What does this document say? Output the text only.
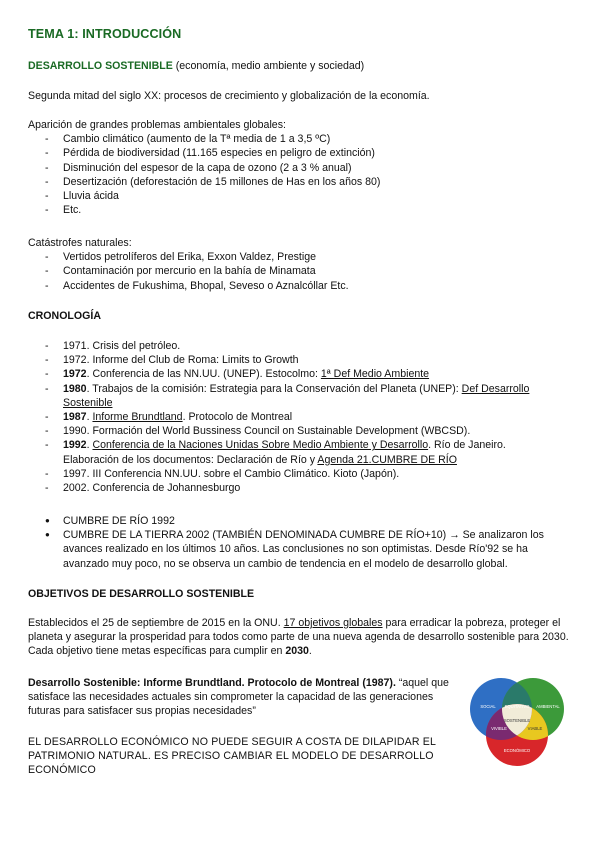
TEMA 1: INTRODUCCIÓN

DESARROLLO SOSTENIBLE (economía, medio ambiente y sociedad)

Segunda mitad del siglo XX: procesos de crecimiento y globalización de la economía.

Aparición de grandes problemas ambientales globales:

- Cambio climático (aumento de la Tª media de 1 a 3,5 ºC)
- Pérdida de biodiversidad (11.165 especies en peligro de extinción)
- Disminución del espesor de la capa de ozono (2 a 3 % anual)
- Desertización (deforestación de 15 millones de Has en los años 80)
- Lluvia ácida
- Etc.

Catástrofes naturales:

- Vertidos petrolíferos del Erika, Exxon Valdez, Prestige
- Contaminación por mercurio en la bahía de Minamata
- Accidentes de Fukushima, Bhopal, Seveso o Aznalcóllar Etc.

CRONOLOGÍA

- 1971. Crisis del petróleo.
- 1972. Informe del Club de Roma: Limits to Growth
- 1972. Conferencia de las NN.UU. (UNEP). Estocolmo: 1ª Def Medio Ambiente
- 1980. Trabajos de la comisión: Estrategia para la Conservación del Planeta (UNEP): Def Desarrollo Sostenible
- 1987. Informe Brundtland. Protocolo de Montreal
- 1990. Formación del World Bussiness Council on Sustainable Development (WBCSD).
- 1992. Conferencia de la Naciones Unidas Sobre Medio Ambiente y Desarrollo. Río de Janeiro. Elaboración de los documentos: Declaración de Río y Agenda 21.CUMBRE DE RÍO
- 1997. III Conferencia NN.UU. sobre el Cambio Climático. Kioto (Japón).
- 2002. Conferencia de Johannesburgo
● CUMBRE DE RÍO 1992
● CUMBRE DE LA TIERRA 2002 (TAMBIÉN DENOMINADA CUMBRE DE RÍO+10) → Se analizaron los avances realizado en los últimos 10 años. Las conclusiones no son optimistas. Desde Río'92 se ha avanzado muy poco, no se observa un cambio de tendencia en el modelo de desarrollo global.

OBJETIVOS DE DESARROLLO SOSTENIBLE

Establecidos el 25 de septiembre de 2015 en la ONU. 17 objetivos globales para erradicar la pobreza, proteger el planeta y asegurar la prosperidad para todos como parte de una nueva agenda de desarrollo sostenible para 2030. Cada objetivo tiene metas específicas para cumplir en 2030.

Desarrollo Sostenible: Informe Brundtland. Protocolo de Montreal (1987). “aquel que satisface las necesidades actuales sin comprometer la capacidad de las generaciones futuras para satisfacer sus propias necesidades”

EL DESARROLLO ECONÓMICO NO PUEDE SEGUIR A COSTA DE DILAPIDAR EL PATRIMONIO NATURAL. ES PRECISO CAMBIAR EL MODELO DE DESARROLLO ECONÓMICO

SOCIAL	AMBIENTAL
EQUITATIVO
VIVIBLE	VIABLE
SOSTENIBLE
ECONÓMICO
